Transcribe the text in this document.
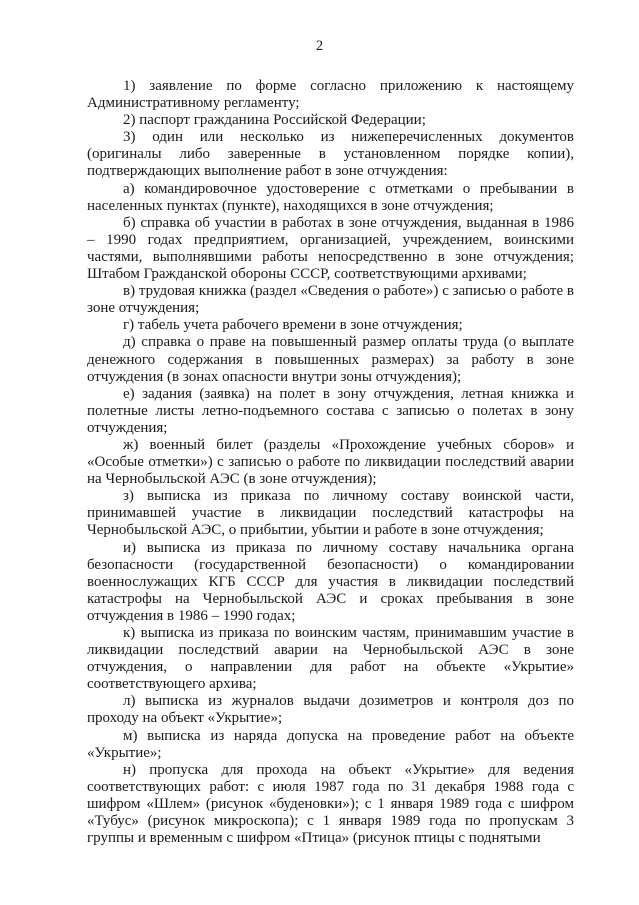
2

1) заявление по форме согласно приложению к настоящему Административному регламенту;

2) паспорт гражданина Российской Федерации;

3) один или несколько из нижеперечисленных документов (оригиналы либо заверенные в установленном порядке копии), подтверждающих выполнение работ в зоне отчуждения:

а) командировочное удостоверение с отметками о пребывании в населенных пунктах (пункте), находящихся в зоне отчуждения;

б) справка об участии в работах в зоне отчуждения, выданная в 1986 – 1990 годах предприятием, организацией, учреждением, воинскими частями, выполнявшими работы непосредственно в зоне отчуждения; Штабом Гражданской обороны СССР, соответствующими архивами;

в) трудовая книжка (раздел «Сведения о работе») с записью о работе в зоне отчуждения;

г) табель учета рабочего времени в зоне отчуждения;

д) справка о праве на повышенный размер оплаты труда (о выплате денежного содержания в повышенных размерах) за работу в зоне отчуждения (в зонах опасности внутри зоны отчуждения);

е) задания (заявка) на полет в зону отчуждения, летная книжка и полетные листы летно-подъемного состава с записью о полетах в зону отчуждения;

ж) военный билет (разделы «Прохождение учебных сборов» и «Особые отметки») с записью о работе по ликвидации последствий аварии на Чернобыльской АЭС (в зоне отчуждения);

з) выписка из приказа по личному составу воинской части, принимавшей участие в ликвидации последствий катастрофы на Чернобыльской АЭС, о прибытии, убытии и работе в зоне отчуждения;

и) выписка из приказа по личному составу начальника органа безопасности (государственной безопасности) о командировании военнослужащих КГБ СССР для участия в ликвидации последствий катастрофы на Чернобыльской АЭС и сроках пребывания в зоне отчуждения в 1986 – 1990 годах;

к) выписка из приказа по воинским частям, принимавшим участие в ликвидации последствий аварии на Чернобыльской АЭС в зоне отчуждения, о направлении для работ на объекте «Укрытие» соответствующего архива;

л) выписка из журналов выдачи дозиметров и контроля доз по проходу на объект «Укрытие»;

м) выписка из наряда допуска на проведение работ на объекте «Укрытие»;

н) пропуска для прохода на объект «Укрытие» для ведения соответствующих работ: с июля 1987 года по 31 декабря 1988 года с шифром «Шлем» (рисунок «буденовки»); с 1 января 1989 года с шифром «Тубус» (рисунок микроскопа); с 1 января 1989 года по пропускам 3 группы и временным с шифром «Птица» (рисунок птицы с поднятыми
